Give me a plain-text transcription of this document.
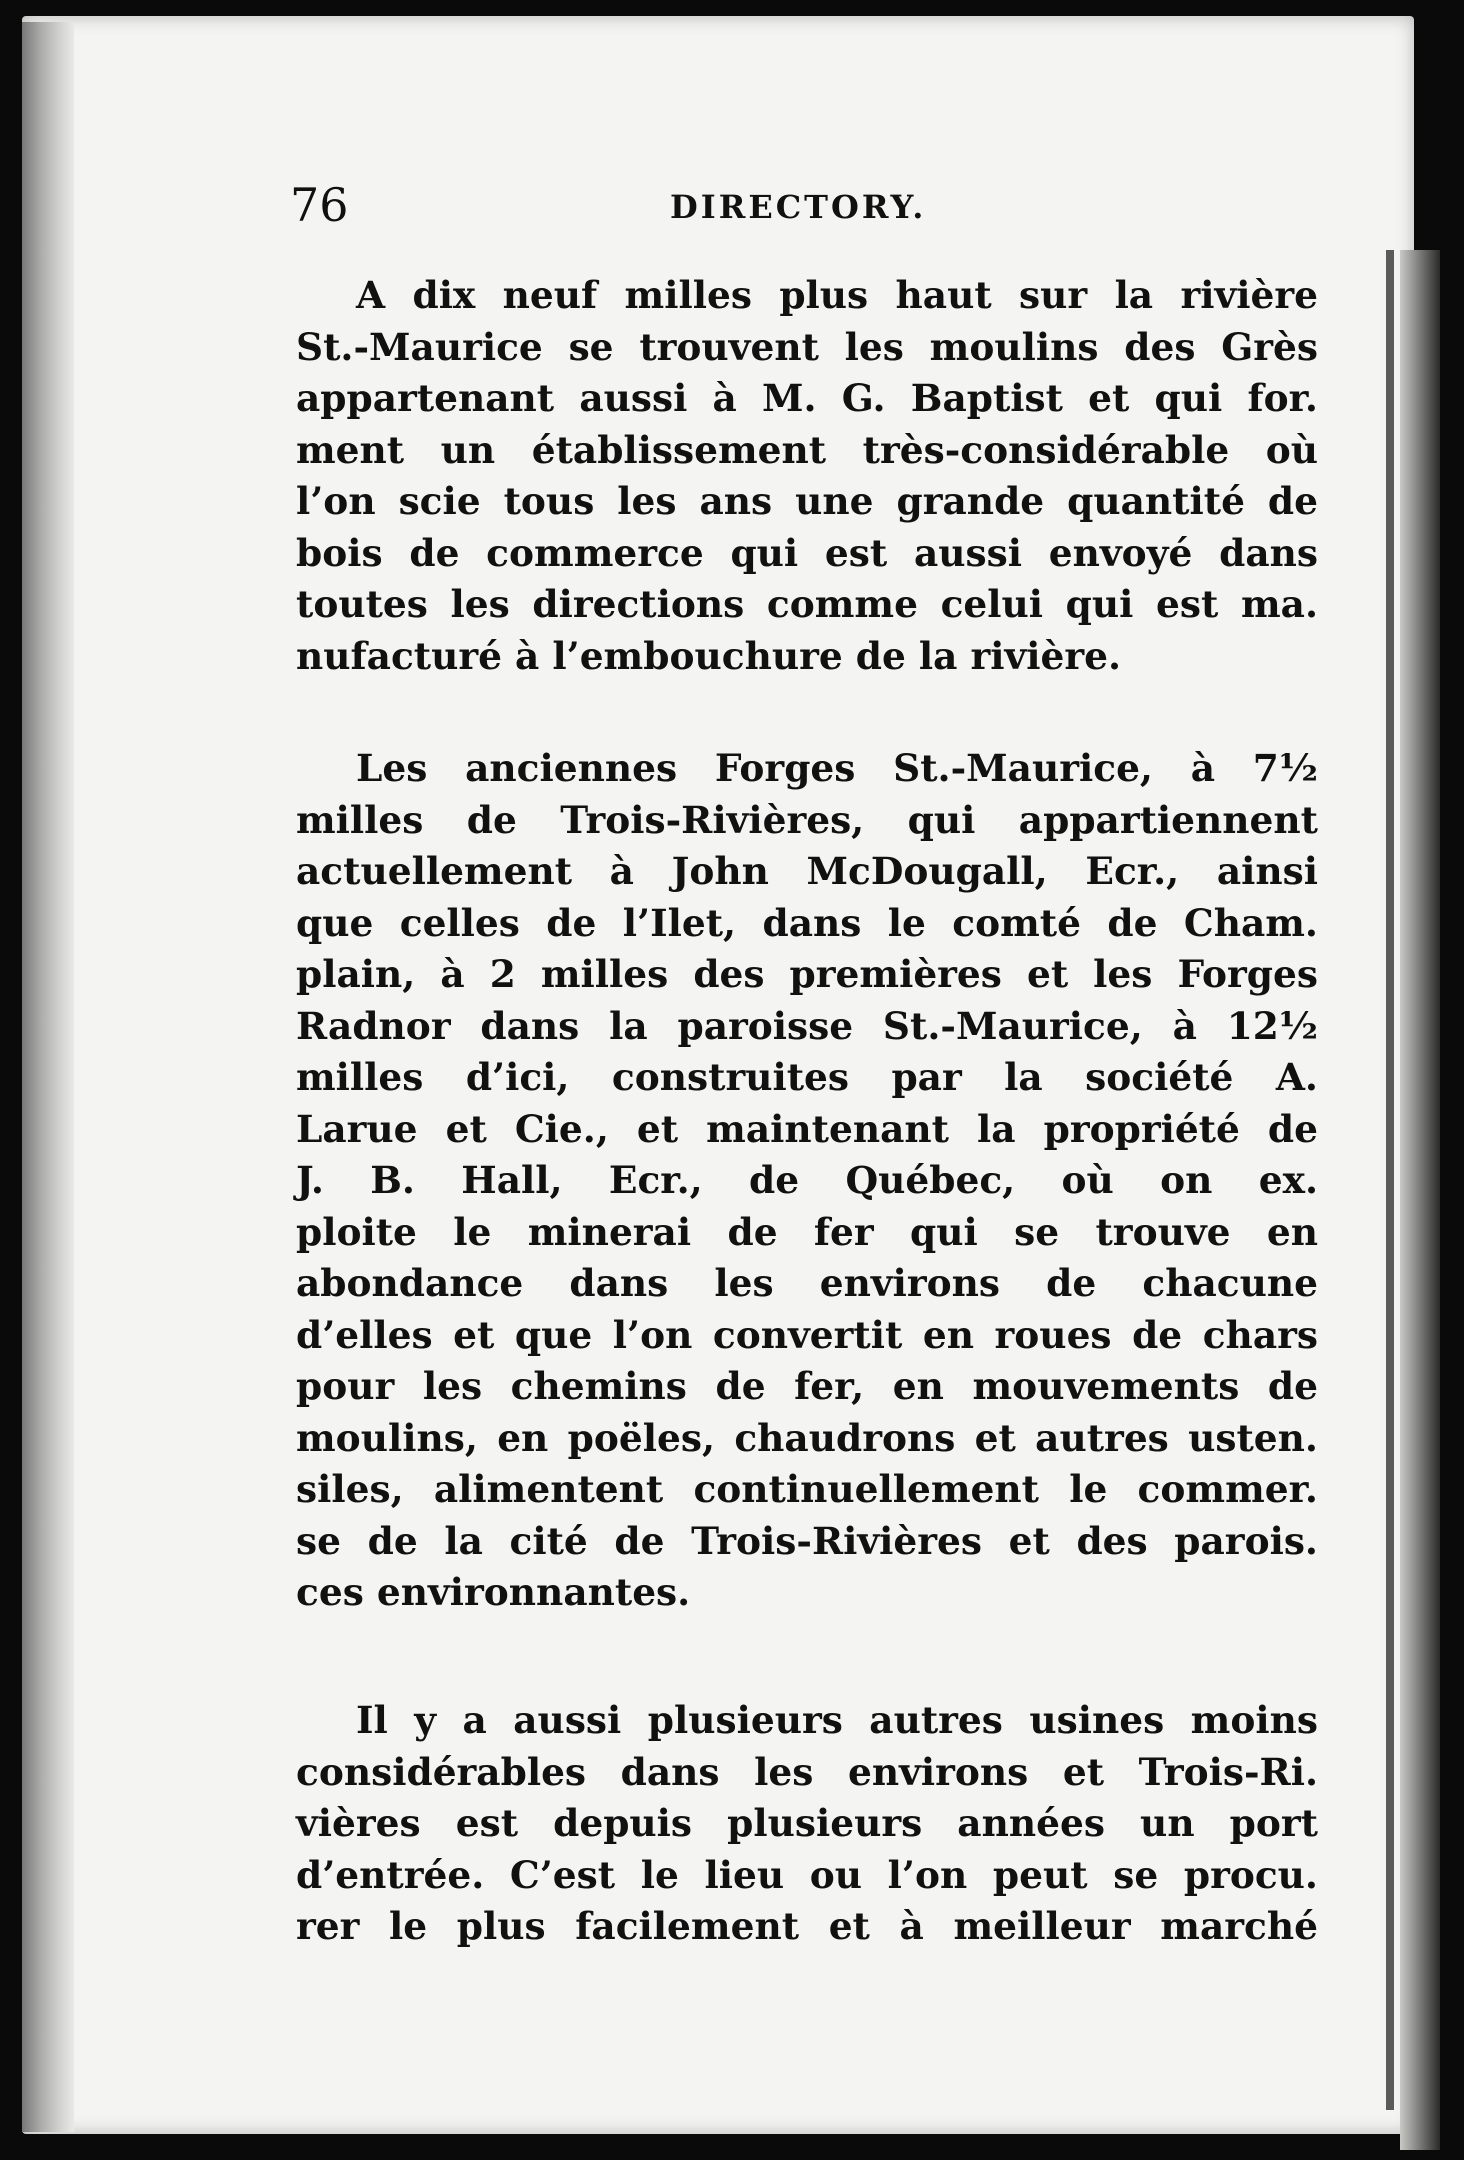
76	DIRECTORY.
A dix neuf milles plus haut sur la rivière
St.-Maurice se trouvent les moulins des Grès
appartenant aussi à M. G. Baptist et qui for.
ment un établissement très-considérable où
l’on scie tous les ans une grande quantité de
bois de commerce qui est aussi envoyé dans
toutes les directions comme celui qui est ma.
nufacturé à l’embouchure de la rivière.
Les anciennes Forges St.-Maurice, à 7½
milles de Trois-Rivières, qui appartiennent
actuellement à John McDougall, Ecr., ainsi
que celles de l’Ilet, dans le comté de Cham.
plain, à 2 milles des premières et les Forges
Radnor dans la paroisse St.-Maurice, à 12½
milles d’ici, construites par la société A.
Larue et Cie., et maintenant la propriété de
J. B. Hall, Ecr., de Québec, où on ex.
ploite le minerai de fer qui se trouve en
abondance dans les environs de chacune
d’elles et que l’on convertit en roues de chars
pour les chemins de fer, en mouvements de
moulins, en poëles, chaudrons et autres usten.
siles, alimentent continuellement le commer.
se de la cité de Trois-Rivières et des parois.
ces environnantes.
Il y a aussi plusieurs autres usines moins
considérables dans les environs et Trois-Ri.
vières est depuis plusieurs années un port
d’entrée. C’est le lieu ou l’on peut se procu.
rer le plus facilement et à meilleur marché
